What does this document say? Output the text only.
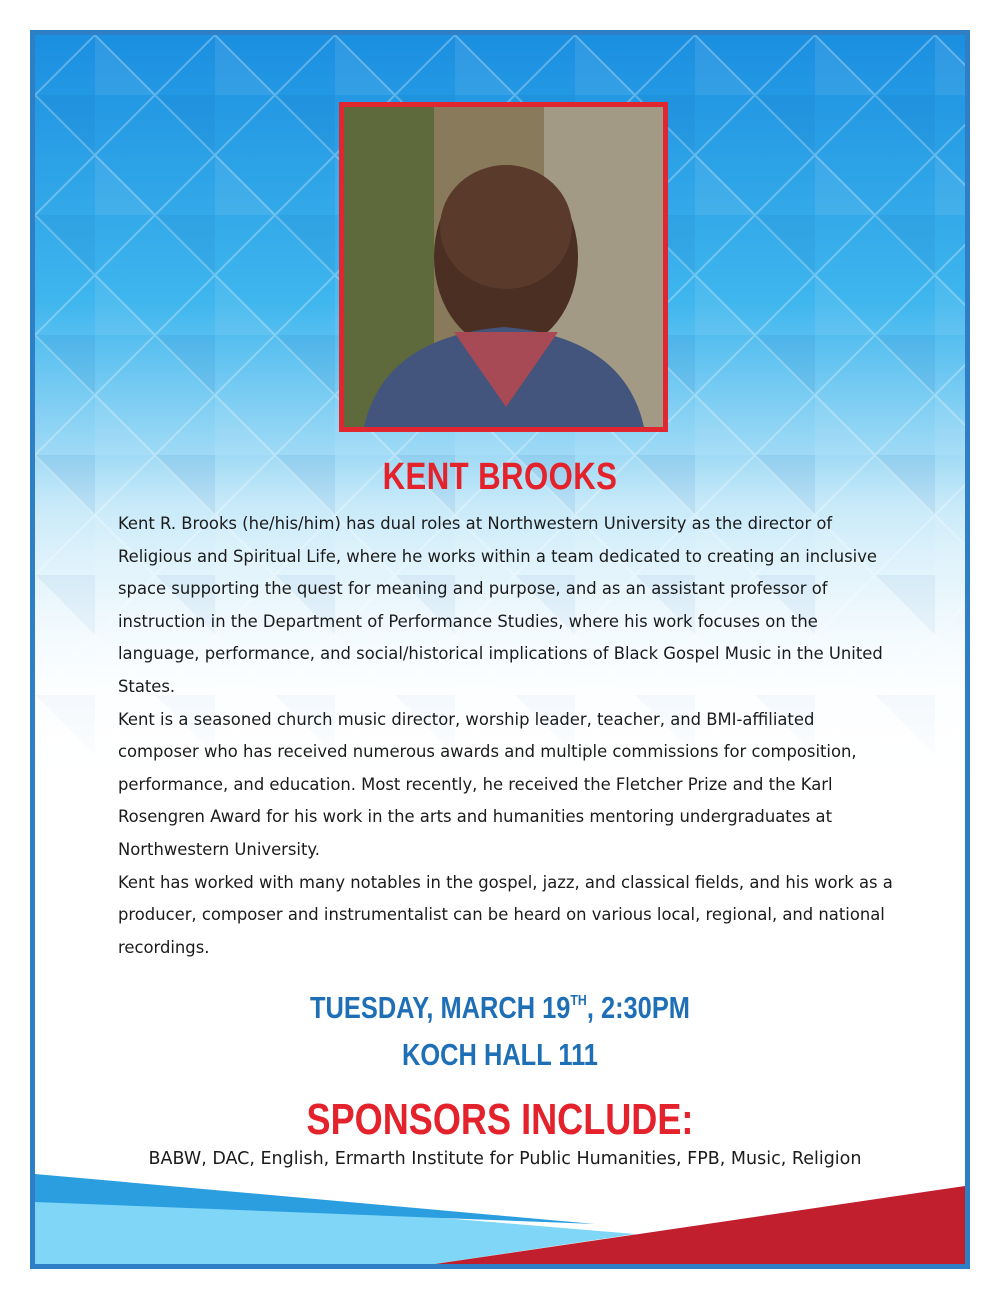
KENT BROOKS

Kent R. Brooks (he/his/him) has dual roles at Northwestern University as the director of Religious and Spiritual Life, where he works within a team dedicated to creating an inclusive space supporting the quest for meaning and purpose, and as an assistant professor of instruction in the Department of Performance Studies, where his work focuses on the language, performance, and social/historical implications of Black Gospel Music in the United States.

Kent is a seasoned church music director, worship leader, teacher, and BMI-affiliated composer who has received numerous awards and multiple commissions for composition, performance, and education. Most recently, he received the Fletcher Prize and the Karl Rosengren Award for his work in the arts and humanities mentoring undergraduates at Northwestern University.

Kent has worked with many notables in the gospel, jazz, and classical fields, and his work as a producer, composer and instrumentalist can be heard on various local, regional, and national recordings.

TUESDAY, MARCH 19TH, 2:30PM
KOCH HALL 111
SPONSORS INCLUDE:
BABW, DAC, English, Ermarth Institute for Public Humanities, FPB, Music, Religion
